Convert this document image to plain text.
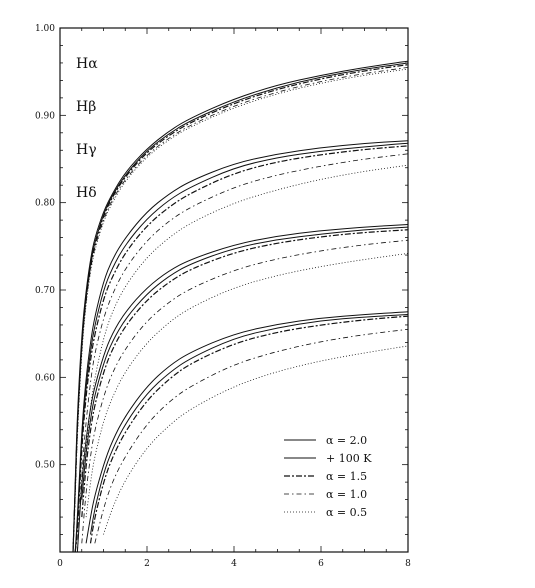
0	2	4	6	8
0.50
0.60
0.70
0.80
0.90
1.00
Hα
Hβ
Hγ
Hδ
α = 2.0
+ 100 K
α = 1.5
α = 1.0
α = 0.5
